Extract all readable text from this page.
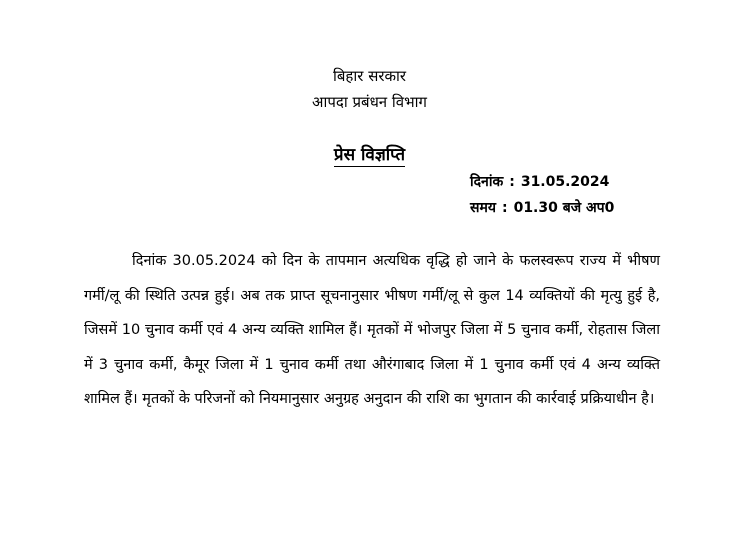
बिहार सरकार
आपदा प्रबंधन विभाग
प्रेस विज्ञप्ति
दिनांक : 31.05.2024
समय : 01.30 बजे अप0

दिनांक 30.05.2024 को दिन के तापमान अत्यधिक वृद्धि हो जाने के फलस्वरूप राज्य में भीषण गर्मी/लू की स्थिति उत्पन्न हुई। अब तक प्राप्त सूचनानुसार भीषण गर्मी/लू से कुल 14 व्यक्तियों की मृत्यु हुई है, जिसमें 10 चुनाव कर्मी एवं 4 अन्य व्यक्ति शामिल हैं। मृतकों में भोजपुर जिला में 5 चुनाव कर्मी, रोहतास जिला में 3 चुनाव कर्मी, कैमूर जिला में 1 चुनाव कर्मी तथा औरंगाबाद जिला में 1 चुनाव कर्मी एवं 4 अन्य व्यक्ति शामिल हैं। मृतकों के परिजनों को नियमानुसार अनुग्रह अनुदान की राशि का भुगतान की कार्रवाई प्रक्रियाधीन है।
